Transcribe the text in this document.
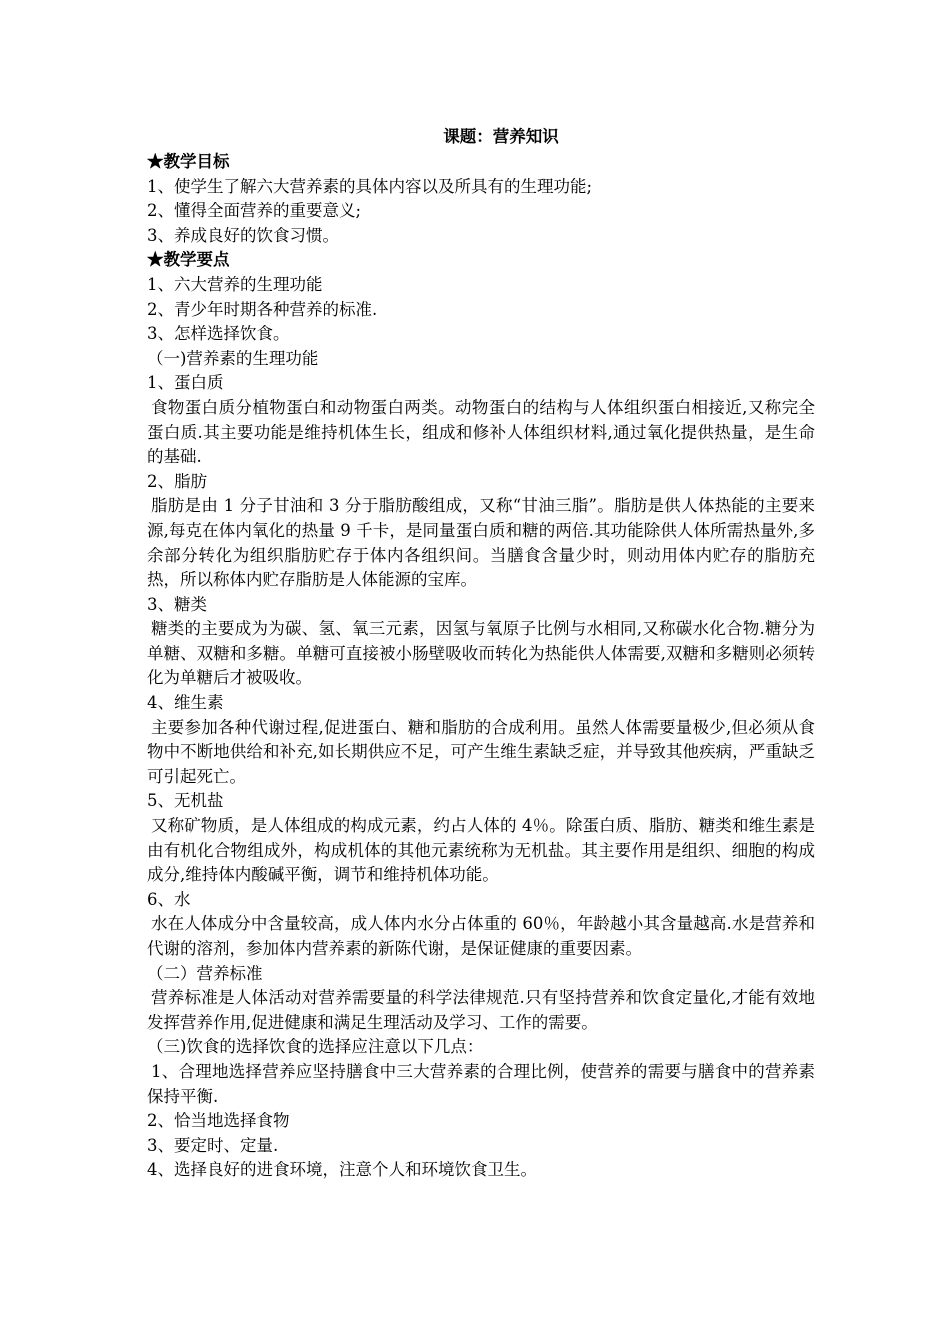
课题：营养知识

★教学目标

1、使学生了解六大营养素的具体内容以及所具有的生理功能;

2、懂得全面营养的重要意义;

3、养成良好的饮食习惯。

★教学要点

1、六大营养的生理功能

2、青少年时期各种营养的标准.

3、怎样选择饮食。

（一)营养素的生理功能

1、蛋白质

食物蛋白质分植物蛋白和动物蛋白两类。动物蛋白的结构与人体组织蛋白相接近,又称完全蛋白质.其主要功能是维持机体生长，组成和修补人体组织材料,通过氧化提供热量，是生命的基础.

2、脂肪

脂肪是由 1 分子甘油和 3 分于脂肪酸组成，又称“甘油三脂”。脂肪是供人体热能的主要来源,每克在体内氧化的热量 9 千卡，是同量蛋白质和糖的两倍.其功能除供人体所需热量外,多余部分转化为组织脂肪贮存于体内各组织间。当膳食含量少时，则动用体内贮存的脂肪充热，所以称体内贮存脂肪是人体能源的宝库。

3、糖类

糖类的主要成为为碳、氢、氧三元素，因氢与氧原子比例与水相同,又称碳水化合物.糖分为单糖、双糖和多糖。单糖可直接被小肠壁吸收而转化为热能供人体需要,双糖和多糖则必须转化为单糖后才被吸收。

4、维生素

主要参加各种代谢过程,促进蛋白、糖和脂肪的合成利用。虽然人体需要量极少,但必须从食物中不断地供给和补充,如长期供应不足，可产生维生素缺乏症，并导致其他疾病，严重缺乏可引起死亡。

5、无机盐

又称矿物质，是人体组成的构成元素，约占人体的 4％。除蛋白质、脂肪、糖类和维生素是由有机化合物组成外，构成机体的其他元素统称为无机盐。其主要作用是组织、细胞的构成成分,维持体内酸碱平衡，调节和维持机体功能。

6、水

水在人体成分中含量较高，成人体内水分占体重的 60％，年龄越小其含量越高.水是营养和代谢的溶剂，参加体内营养素的新陈代谢，是保证健康的重要因素。

（二）营养标准

营养标准是人体活动对营养需要量的科学法律规范.只有坚持营养和饮食定量化,才能有效地发挥营养作用,促进健康和满足生理活动及学习、工作的需要。

（三)饮食的选择饮食的选择应注意以下几点：

1、合理地选择营养应坚持膳食中三大营养素的合理比例，使营养的需要与膳食中的营养素保持平衡.

2、恰当地选择食物

3、要定时、定量.

4、选择良好的进食环境，注意个人和环境饮食卫生。
